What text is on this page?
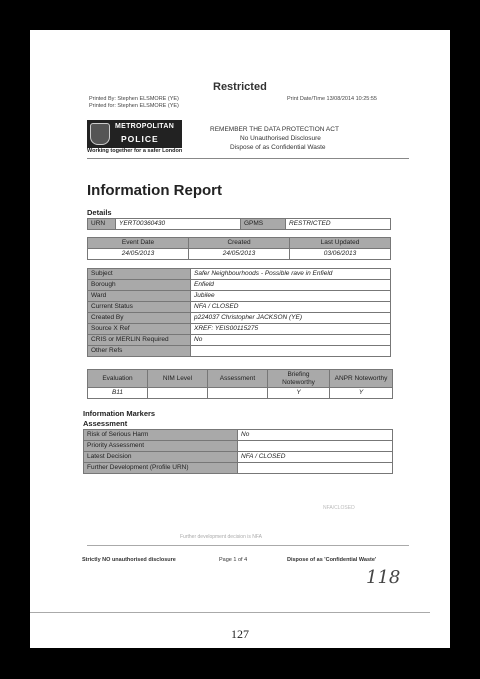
Restricted
Printed By: Stephen ELSMORE (YE)
Printed for: Stephen ELSMORE (YE)
Print Date/Time 13/08/2014 10:25:55
METROPOLITAN
POLICE
Working together for a safer London
REMEMBER THE DATA PROTECTION ACT
No Unauthorised Disclosure
Dispose of as Confidential Waste
Information Report
Details
URN	YERT00360430	GPMS	RESTRICTED
Event Date	Created	Last Updated
24/05/2013	24/05/2013	03/06/2013
Subject	Safer Neighbourhoods - Possible rave in Enfield
Borough	Enfield
Ward	Jubilee
Current Status	NFA / CLOSED
Created By	p224037 Christopher JACKSON (YE)
Source X Ref	XREF: YEIS00115275
CRIS or MERLIN Required	No
Other Refs	
Evaluation	NIM Level	Assessment	Briefing Noteworthy	ANPR Noteworthy
B11			Y	Y
Information Markers
Assessment
Risk of Serious Harm	No
Priority Assessment	
Latest Decision	NFA / CLOSED
Further Development (Profile URN)	
NFA/CLOSED
Further development decision is NFA
Strictly NO unauthorised disclosure	Page 1 of 4	Dispose of as 'Confidential Waste'
118
127
